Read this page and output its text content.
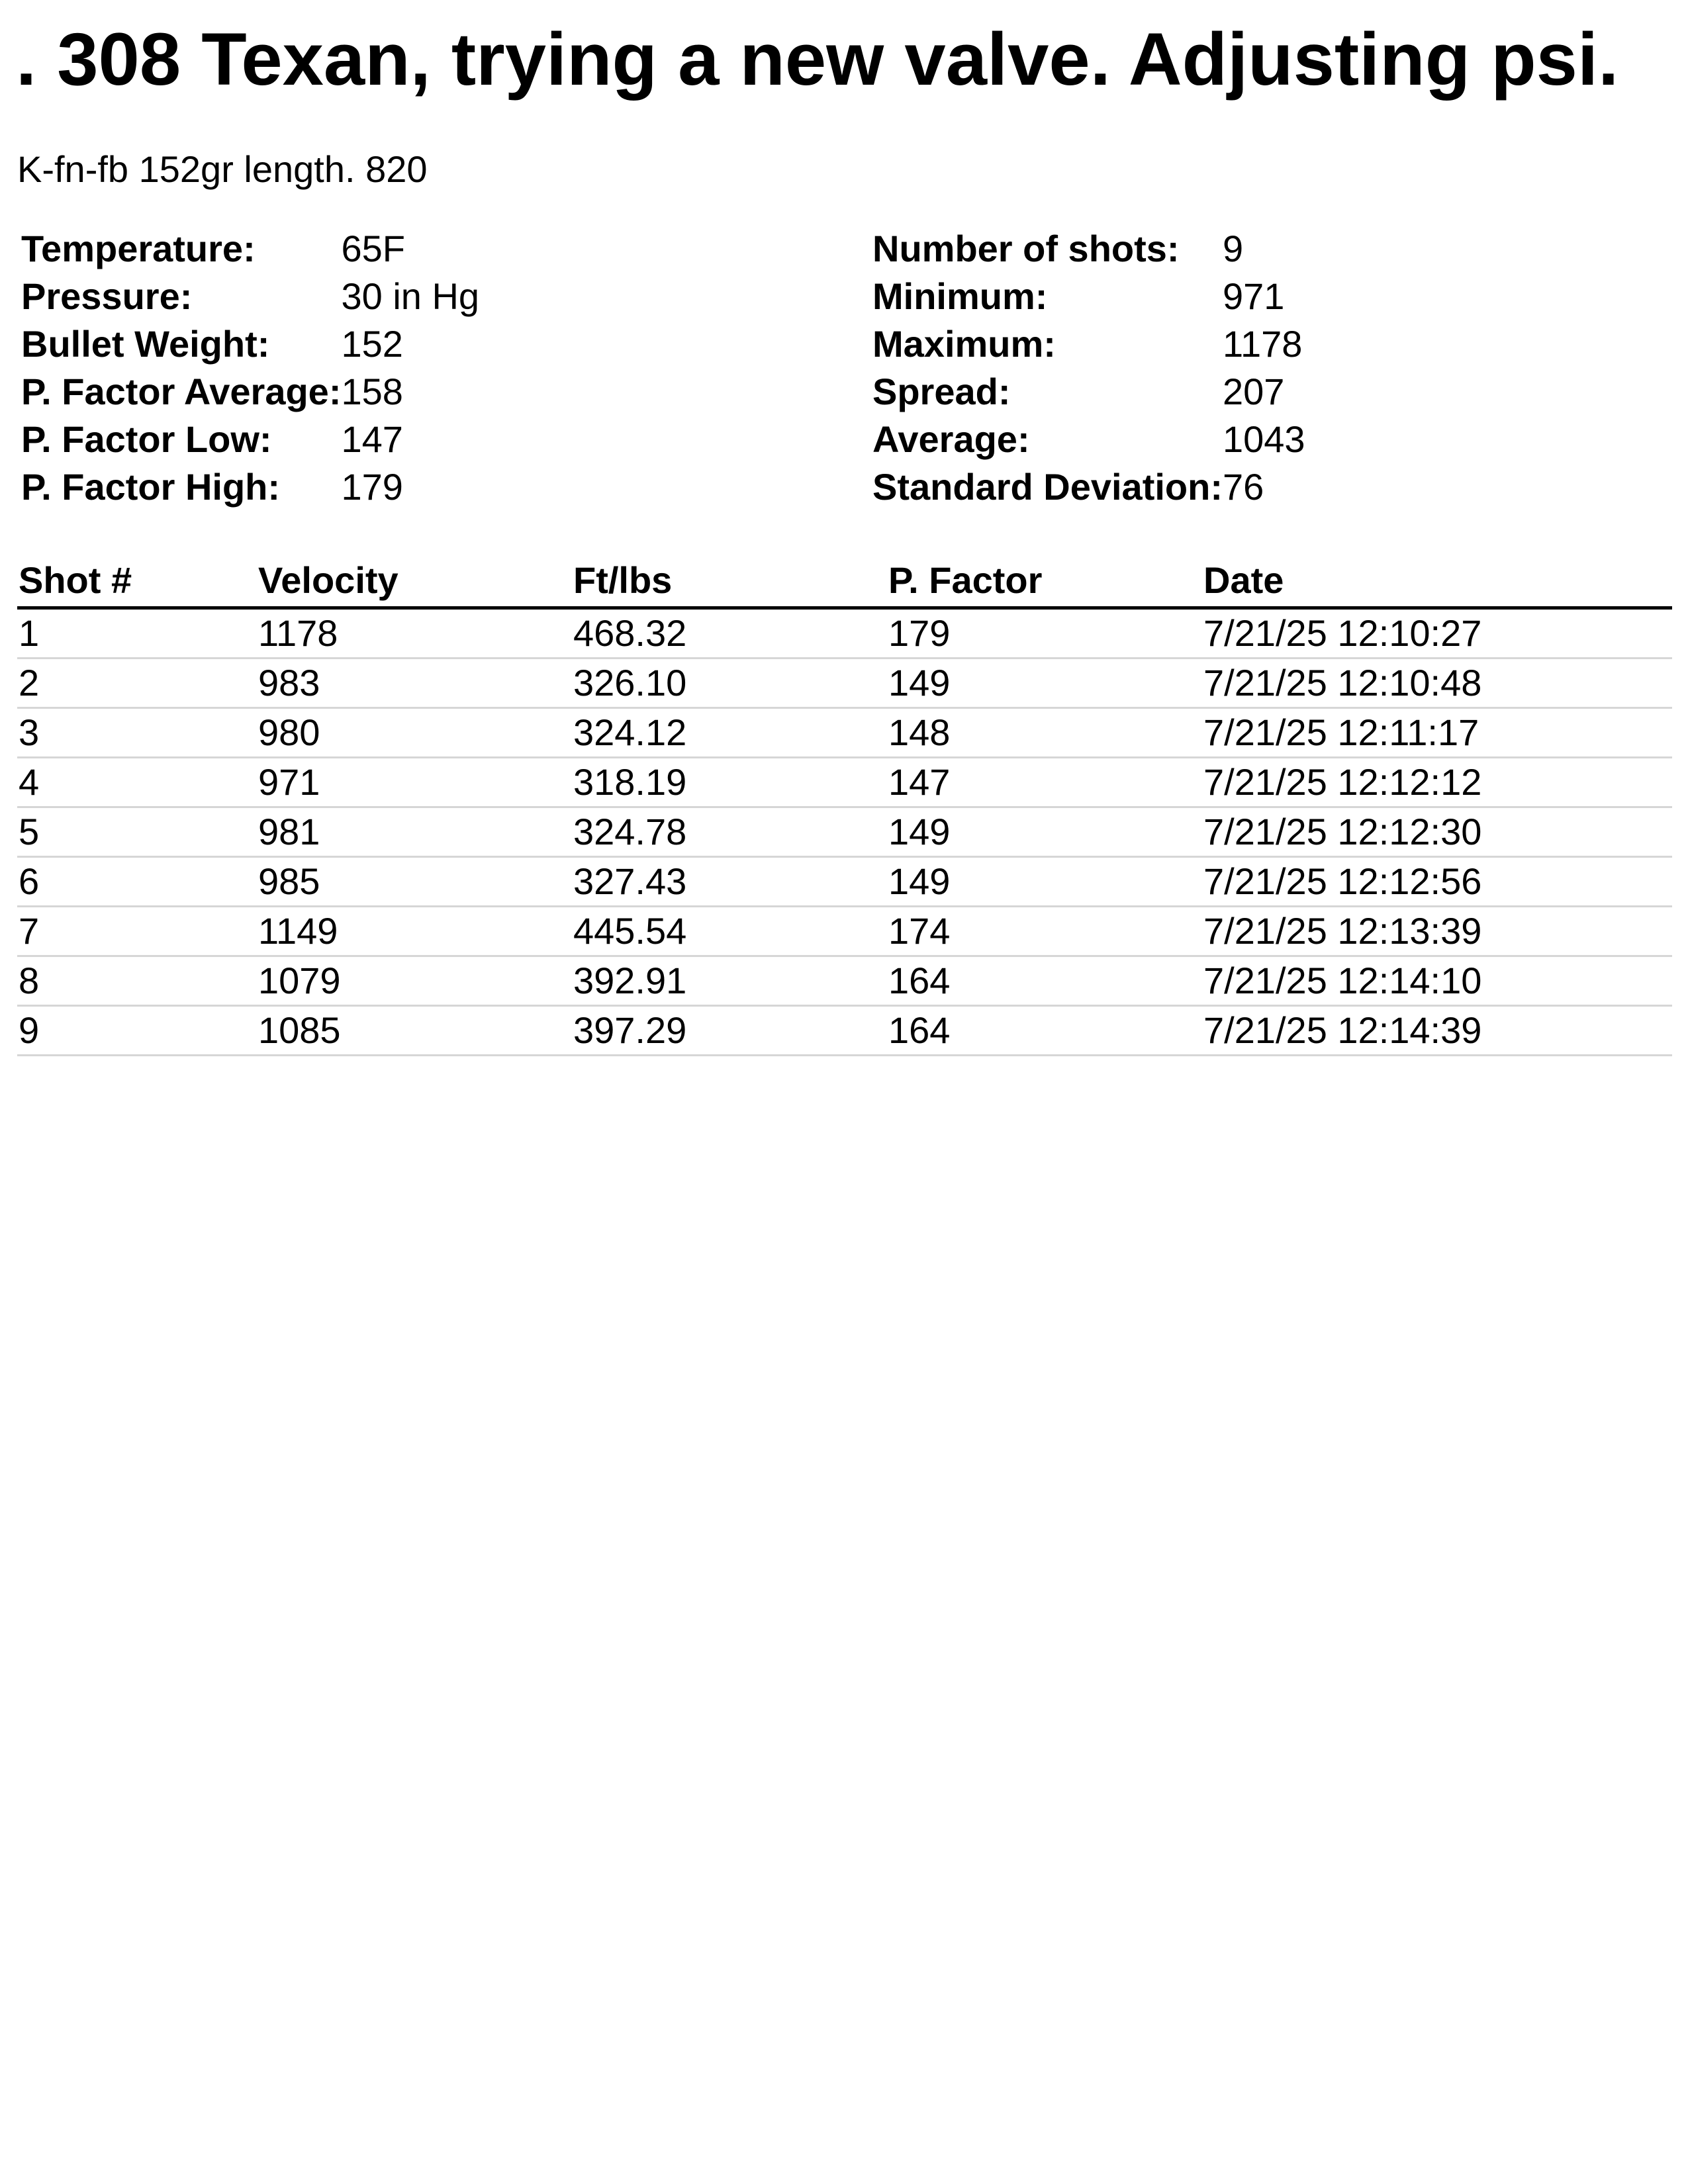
. 308 Texan, trying a new valve. Adjusting psi.
K-fn-fb 152gr length. 820
Temperature:	65F
Pressure:	30 in Hg
Bullet Weight:	152
P. Factor Average:	158
P. Factor Low:	147
P. Factor High:	179
Number of shots:	9
Minimum:	971
Maximum:	1178
Spread:	207
Average:	1043
Standard Deviation:	76
Shot #	Velocity	Ft/lbs	P. Factor	Date
1	1178	468.32	179	7/21/25 12:10:27
2	983	326.10	149	7/21/25 12:10:48
3	980	324.12	148	7/21/25 12:11:17
4	971	318.19	147	7/21/25 12:12:12
5	981	324.78	149	7/21/25 12:12:30
6	985	327.43	149	7/21/25 12:12:56
7	1149	445.54	174	7/21/25 12:13:39
8	1079	392.91	164	7/21/25 12:14:10
9	1085	397.29	164	7/21/25 12:14:39
